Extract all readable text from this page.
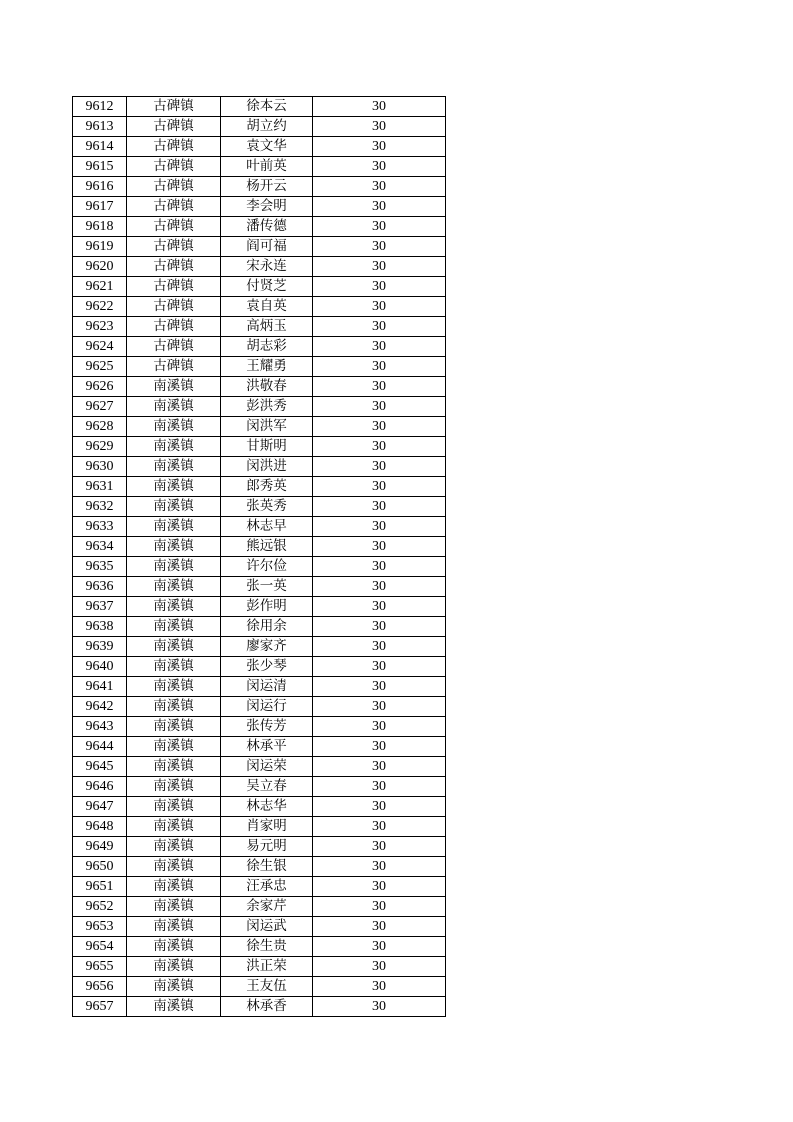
9612	古碑镇	徐本云	30
9613	古碑镇	胡立约	30
9614	古碑镇	袁文华	30
9615	古碑镇	叶前英	30
9616	古碑镇	杨开云	30
9617	古碑镇	李会明	30
9618	古碑镇	潘传德	30
9619	古碑镇	阎可福	30
9620	古碑镇	宋永连	30
9621	古碑镇	付贤芝	30
9622	古碑镇	袁自英	30
9623	古碑镇	高炳玉	30
9624	古碑镇	胡志彩	30
9625	古碑镇	王耀勇	30
9626	南溪镇	洪敬春	30
9627	南溪镇	彭洪秀	30
9628	南溪镇	闵洪军	30
9629	南溪镇	甘斯明	30
9630	南溪镇	闵洪进	30
9631	南溪镇	郎秀英	30
9632	南溪镇	张英秀	30
9633	南溪镇	林志早	30
9634	南溪镇	熊远银	30
9635	南溪镇	许尔俭	30
9636	南溪镇	张一英	30
9637	南溪镇	彭作明	30
9638	南溪镇	徐用余	30
9639	南溪镇	廖家齐	30
9640	南溪镇	张少琴	30
9641	南溪镇	闵运清	30
9642	南溪镇	闵运行	30
9643	南溪镇	张传芳	30
9644	南溪镇	林承平	30
9645	南溪镇	闵运荣	30
9646	南溪镇	吴立春	30
9647	南溪镇	林志华	30
9648	南溪镇	肖家明	30
9649	南溪镇	易元明	30
9650	南溪镇	徐生银	30
9651	南溪镇	汪承忠	30
9652	南溪镇	余家芹	30
9653	南溪镇	闵运武	30
9654	南溪镇	徐生贵	30
9655	南溪镇	洪正荣	30
9656	南溪镇	王友伍	30
9657	南溪镇	林承香	30
